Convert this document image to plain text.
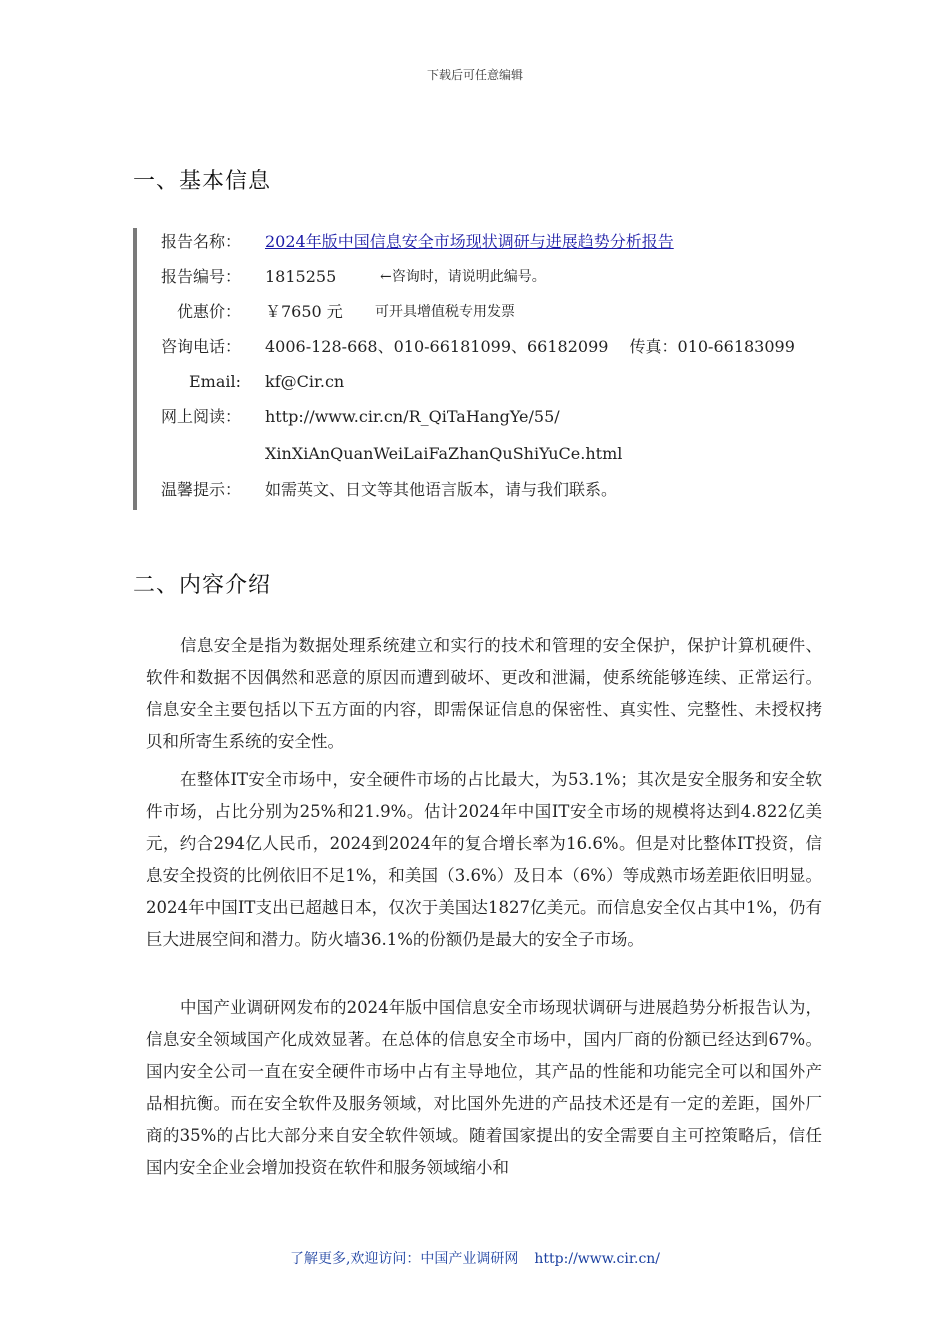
下载后可任意编辑
一、基本信息
报告名称： 2024年版中国信息安全市场现状调研与进展趋势分析报告
报告编号： 1815255	←咨询时，请说明此编号。
优惠价： ￥7650 元 可开具增值税专用发票
咨询电话： 4006-128-668、010-66181099、66182099　 传真：010-66183099
Email: kf@Cir.cn
网上阅读： http://www.cir.cn/R_QiTaHangYe/55/
XinXiAnQuanWeiLaiFaZhanQuShiYuCe.html
温馨提示： 如需英文、日文等其他语言版本，请与我们联系。
二、内容介绍

信息安全是指为数据处理系统建立和实行的技术和管理的安全保护，保护计算机硬件、软件和数据不因偶然和恶意的原因而遭到破坏、更改和泄漏，使系统能够连续、正常运行。信息安全主要包括以下五方面的内容，即需保证信息的保密性、真实性、完整性、未授权拷贝和所寄生系统的安全性。

在整体IT安全市场中，安全硬件市场的占比最大，为53.1%；其次是安全服务和安全软件市场，占比分别为25%和21.9%。估计2024年中国IT安全市场的规模将达到4.822亿美元，约合294亿人民币，2024到2024年的复合增长率为16.6%。但是对比整体IT投资，信息安全投资的比例依旧不足1%，和美国（3.6%）及日本（6%）等成熟市场差距依旧明显。2024年中国IT支出已超越日本，仅次于美国达1827亿美元。而信息安全仅占其中1%，仍有巨大进展空间和潜力。防火墙36.1%的份额仍是最大的安全子市场。

中国产业调研网发布的2024年版中国信息安全市场现状调研与进展趋势分析报告认为，信息安全领域国产化成效显著。在总体的信息安全市场中，国内厂商的份额已经达到67%。国内安全公司一直在安全硬件市场中占有主导地位，其产品的性能和功能完全可以和国外产品相抗衡。而在安全软件及服务领域，对比国外先进的产品技术还是有一定的差距，国外厂商的35%的占比大部分来自安全软件领域。随着国家提出的安全需要自主可控策略后，信任国内安全企业会增加投资在软件和服务领域缩小和

了解更多,欢迎访问：中国产业调研网 http://www.cir.cn/
